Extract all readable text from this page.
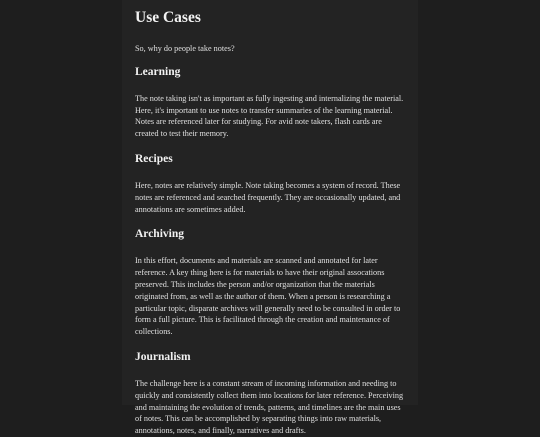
Use Cases

So, why do people take notes?

Learning

The note taking isn't as important as fully ingesting and internalizing the material. Here, it's important to use notes to transfer summaries of the learning material. Notes are referenced later for studying. For avid note takers, flash cards are created to test their memory.

Recipes

Here, notes are relatively simple. Note taking becomes a system of record. These notes are referenced and searched frequently. They are occasionally updated, and annotations are sometimes added.

Archiving

In this effort, documents and materials are scanned and annotated for later reference. A key thing here is for materials to have their original assocations preserved. This includes the person and/or organization that the materials originated from, as well as the author of them. When a person is researching a particular topic, disparate archives will generally need to be consulted in order to form a full picture. This is facilitated through the creation and maintenance of collections.

Journalism

The challenge here is a constant stream of incoming information and needing to quickly and consistently collect them into locations for later reference. Perceiving and maintaining the evolution of trends, patterns, and timelines are the main uses of notes. This can be accomplished by separating things into raw materials, annotations, notes, and finally, narratives and drafts.
